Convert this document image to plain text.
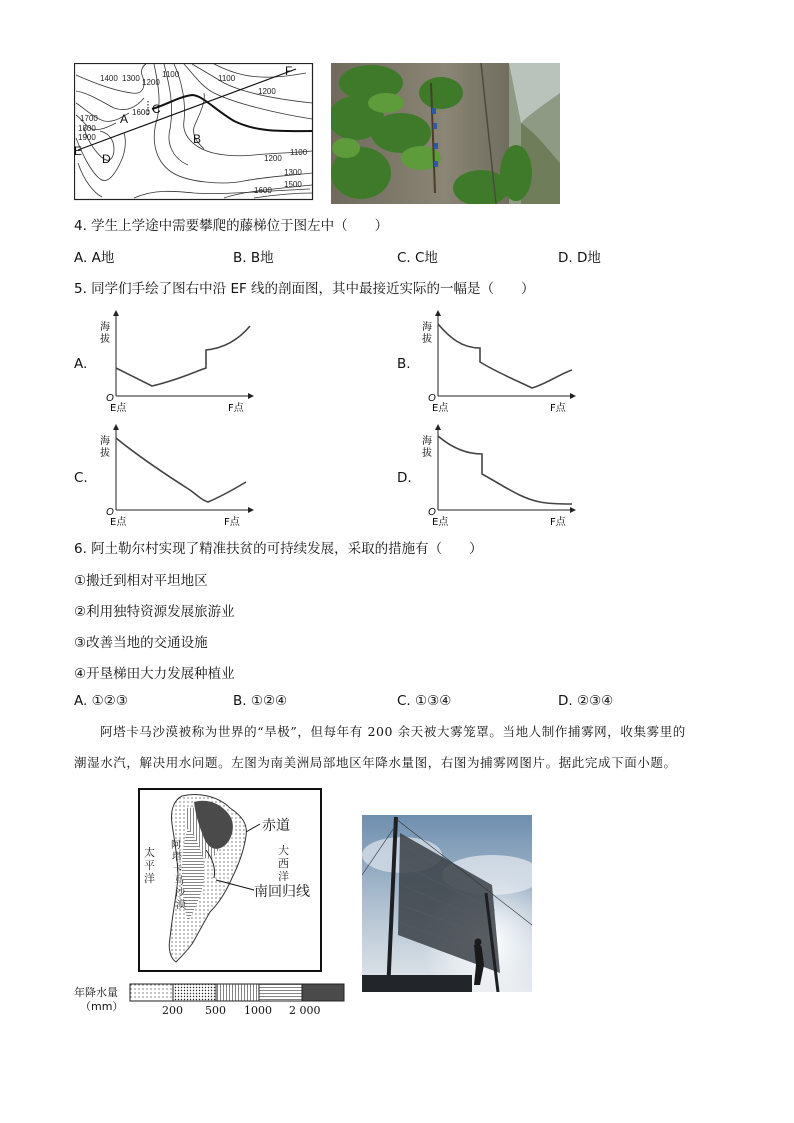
1400 1300 1200
1100	1100
1200
1700
1600
1800
1900
1200
1100
1300
1500
1600
A
B
C
D
E
F
4. 学生上学途中需要攀爬的藤梯位于图左中（　　）
A. A地	B. B地	C. C地	D. D地
5. 同学们手绘了图右中沿 EF 线的剖面图，其中最接近实际的一幅是（　　）
A.
海
拔
O
E点	F点
B.
海
拔
O
E点	F点
C.
海
拔
O
E点	F点
D.
海
拔
O
E点	F点
6. 阿土勒尔村实现了精准扶贫的可持续发展，采取的措施有（　　）
①搬迁到相对平坦地区
②利用独特资源发展旅游业
③改善当地的交通设施
④开垦梯田大力发展种植业
A. ①②③	B. ①②④	C. ①③④	D. ②③④
阿塔卡马沙漠被称为世界的“旱极”，但每年有 200 余天被大雾笼罩。当地人制作捕雾网，收集雾里的
潮湿水汽，解决用水问题。左图为南美洲局部地区年降水量图，右图为捕雾网图片。据此完成下面小题。
赤道
南回归线
太
平
洋
大
西
洋
阿
塔
卡
马
沙
漠
年降水量
（mm）	200 500 1000 2 000
